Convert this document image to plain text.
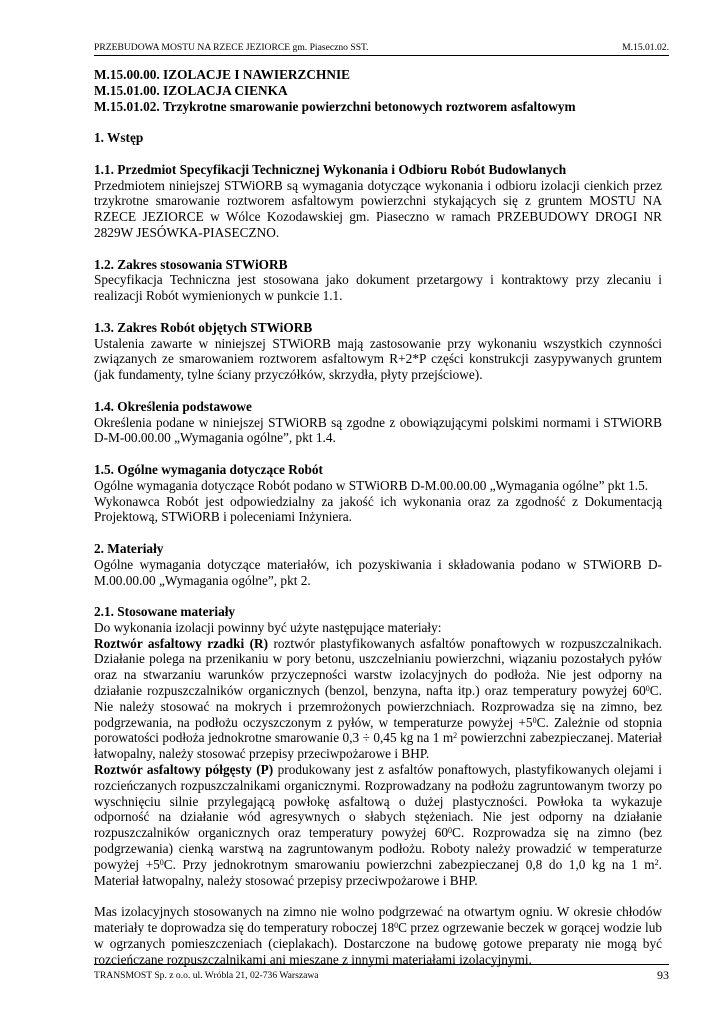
PRZEBUDOWA MOSTU NA RZECE JEZIORCE gm. Piaseczno SST.	M.15.01.02.

M.15.00.00. IZOLACJE I NAWIERZCHNIE

M.15.01.00. IZOLACJA CIENKA

M.15.01.02. Trzykrotne smarowanie powierzchni betonowych roztworem asfaltowym

1. Wstęp

1.1. Przedmiot Specyfikacji Technicznej Wykonania i Odbioru Robót Budowlanych

Przedmiotem niniejszej STWiORB są wymagania dotyczące wykonania i odbioru izolacji cienkich przez trzykrotne smarowanie roztworem asfaltowym powierzchni stykających się z gruntem MOSTU NA RZECE JEZIORCE w Wólce Kozodawskiej gm. Piaseczno w ramach PRZEBUDOWY DROGI NR 2829W JESÓWKA-PIASECZNO.

1.2. Zakres stosowania STWiORB

Specyfikacja Techniczna jest stosowana jako dokument przetargowy i kontraktowy przy zlecaniu i realizacji Robót wymienionych w punkcie 1.1.

1.3. Zakres Robót objętych STWiORB

Ustalenia zawarte w niniejszej STWiORB mają zastosowanie przy wykonaniu wszystkich czynności związanych ze smarowaniem roztworem asfaltowym R+2*P części konstrukcji zasypywanych gruntem (jak fundamenty, tylne ściany przyczółków, skrzydła, płyty przejściowe).

1.4. Określenia podstawowe

Określenia podane w niniejszej STWiORB są zgodne z obowiązującymi polskimi normami i STWiORB D-M-00.00.00 „Wymagania ogólne”, pkt 1.4.

1.5. Ogólne wymagania dotyczące Robót

Ogólne wymagania dotyczące Robót podano w STWiORB D-M.00.00.00 „Wymagania ogólne” pkt 1.5.

Wykonawca Robót jest odpowiedzialny za jakość ich wykonania oraz za zgodność z Dokumentacją Projektową, STWiORB i poleceniami Inżyniera.

2. Materiały

Ogólne wymagania dotyczące materiałów, ich pozyskiwania i składowania podano w STWiORB D-M.00.00.00 „Wymagania ogólne”, pkt 2.

2.1. Stosowane materiały

Do wykonania izolacji powinny być użyte następujące materiały:

Roztwór asfaltowy rzadki (R) roztwór plastyfikowanych asfaltów ponaftowych w rozpuszczalnikach. Działanie polega na przenikaniu w pory betonu, uszczelnianiu powierzchni, wiązaniu pozostałych pyłów oraz na stwarzaniu warunków przyczepności warstw izolacyjnych do podłoża. Nie jest odporny na działanie rozpuszczalników organicznych (benzol, benzyna, nafta itp.) oraz temperatury powyżej $60^0C$. Nie należy stosować na mokrych i przemrożonych powierzchniach. Rozprowadza się na zimno, bez podgrzewania, na podłożu oczyszczonym z pyłów, w temperaturze powyżej $+5^0C$. Zależnie od stopnia porowatości podłoża jednokrotne smarowanie 0,3 ÷ 0,45 kg na 1 $m^2$ powierzchni zabezpieczanej. Materiał łatwopalny, należy stosować przepisy przeciwpożarowe i BHP.

Roztwór asfaltowy półgęsty (P) produkowany jest z asfaltów ponaftowych, plastyfikowanych olejami i rozcieńczanych rozpuszczalnikami organicznymi. Rozprowadzany na podłożu zagruntowanym tworzy po wyschnięciu silnie przylegającą powłokę asfaltową o dużej plastyczności. Powłoka ta wykazuje odporność na działanie wód agresywnych o słabych stężeniach. Nie jest odporny na działanie rozpuszczalników organicznych oraz temperatury powyżej $60^0C$. Rozprowadza się na zimno (bez podgrzewania) cienką warstwą na zagruntowanym podłożu. Roboty należy prowadzić w temperaturze powyżej $+5^0C$. Przy jednokrotnym smarowaniu powierzchni zabezpieczanej 0,8 do 1,0 kg na 1 $m^2$. Materiał łatwopalny, należy stosować przepisy przeciwpożarowe i BHP.

Mas izolacyjnych stosowanych na zimno nie wolno podgrzewać na otwartym ogniu. W okresie chłodów materiały te doprowadza się do temperatury roboczej $18^0C$ przez ogrzewanie beczek w gorącej wodzie lub w ogrzanych pomieszczeniach (cieplakach). Dostarczone na budowę gotowe preparaty nie mogą być rozcieńczane rozpuszczalnikami ani mieszane z innymi materiałami izolacyjnymi.

TRANSMOST Sp. z o.o. ul. Wróbla 21, 02-736 Warszawa	93
